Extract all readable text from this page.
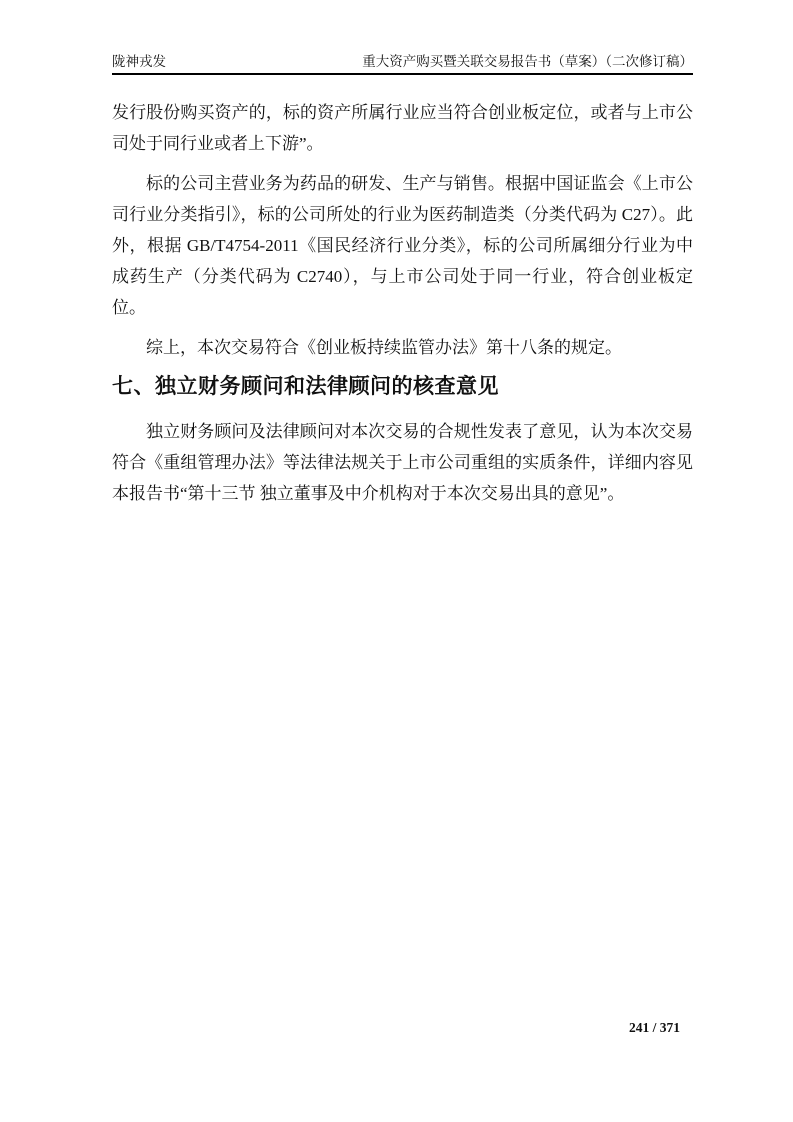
陇神戎发	重大资产购买暨关联交易报告书（草案）（二次修订稿）

发行股份购买资产的，标的资产所属行业应当符合创业板定位，或者与上市公司处于同行业或者上下游”。

标的公司主营业务为药品的研发、生产与销售。根据中国证监会《上市公司行业分类指引》，标的公司所处的行业为医药制造类（分类代码为 C27）。此外，根据 GB/T4754-2011《国民经济行业分类》，标的公司所属细分行业为中成药生产（分类代码为 C2740），与上市公司处于同一行业，符合创业板定位。

综上，本次交易符合《创业板持续监管办法》第十八条的规定。

七、独立财务顾问和法律顾问的核查意见

独立财务顾问及法律顾问对本次交易的合规性发表了意见，认为本次交易符合《重组管理办法》等法律法规关于上市公司重组的实质条件，详细内容见本报告书“第十三节 独立董事及中介机构对于本次交易出具的意见”。

241 / 371
